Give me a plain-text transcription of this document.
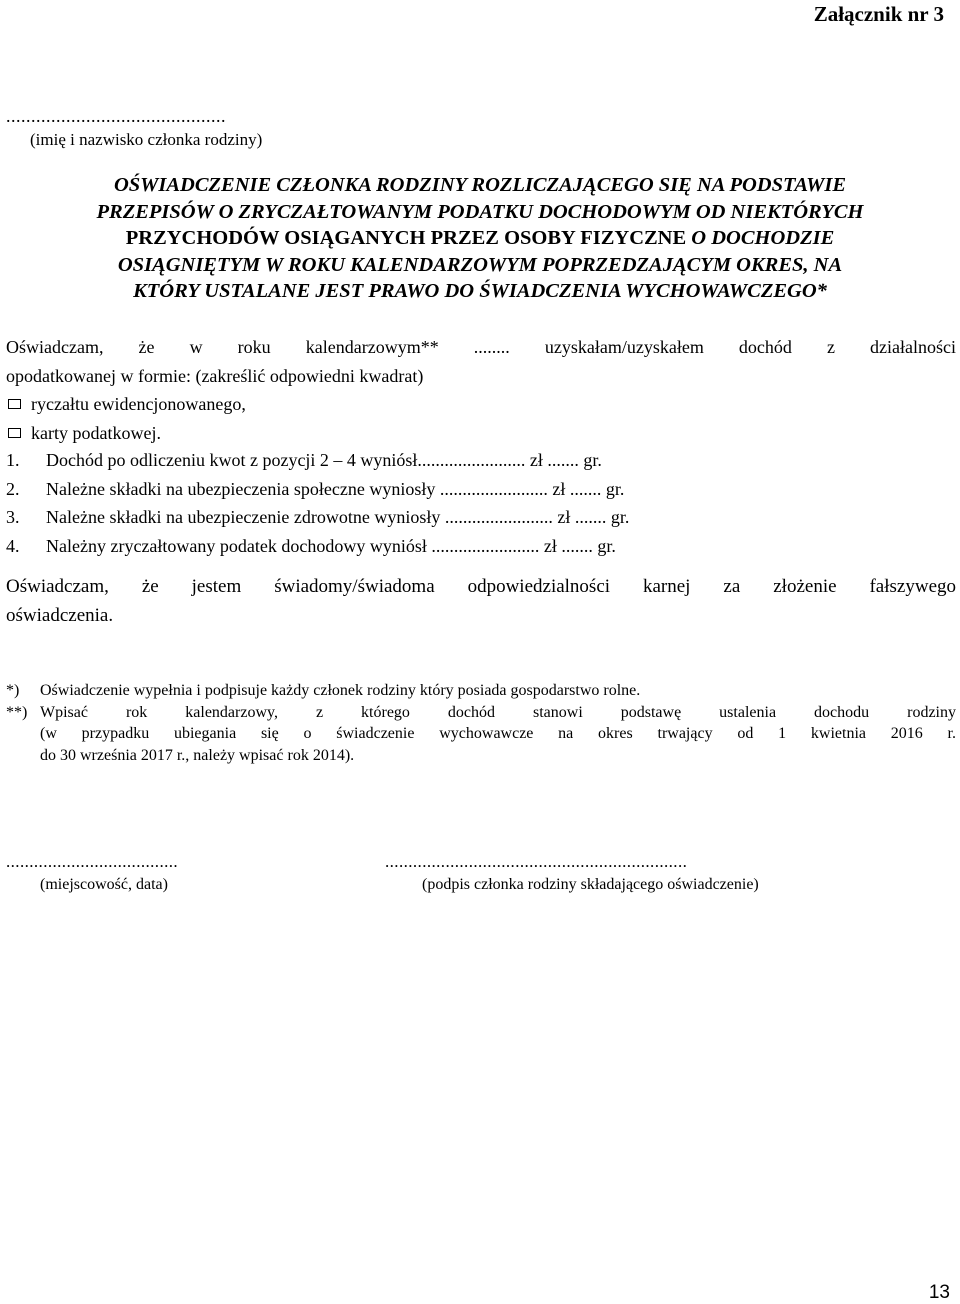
Załącznik nr 3
............................................
(imię i nazwisko członka rodziny)
OŚWIADCZENIE CZŁONKA RODZINY ROZLICZAJĄCEGO SIĘ NA PODSTAWIE
PRZEPISÓW O ZRYCZAŁTOWANYM PODATKU DOCHODOWYM OD NIEKTÓRYCH
PRZYCHODÓW OSIĄGANYCH PRZEZ OSOBY FIZYCZNE O DOCHODZIE
OSIĄGNIĘTYM W ROKU KALENDARZOWYM POPRZEDZAJĄCYM OKRES, NA
KTÓRY USTALANE JEST PRAWO DO ŚWIADCZENIA WYCHOWAWCZEGO*
Oświadczam, że w roku kalendarzowym** ........ uzyskałam/uzyskałem dochód z działalności
opodatkowanej w formie: (zakreślić odpowiedni kwadrat)
ryczałtu ewidencjonowanego,
karty podatkowej.
1.	Dochód po odliczeniu kwot z pozycji 2 – 4 wyniósł........................ zł ....... gr.
2.	Należne składki na ubezpieczenia społeczne wyniosły ........................ zł ....... gr.
3.	Należne składki na ubezpieczenie zdrowotne wyniosły ........................ zł ....... gr.
4.	Należny zryczałtowany podatek dochodowy wyniósł ........................ zł ....... gr.
Oświadczam, że jestem świadomy/świadoma odpowiedzialności karnej za złożenie fałszywego
oświadczenia.
*)	Oświadczenie wypełnia i podpisuje każdy członek rodziny który posiada gospodarstwo rolne.
**) Wpisać rok kalendarzowy, z którego dochód stanowi podstawę ustalenia dochodu rodziny
(w przypadku ubiegania się o świadczenie wychowawcze na okres trwający od 1 kwietnia 2016 r.
do 30 września 2017 r., należy wpisać rok 2014).
.....................................	.................................................................
(miejscowość, data)	(podpis członka rodziny składającego oświadczenie)
13
